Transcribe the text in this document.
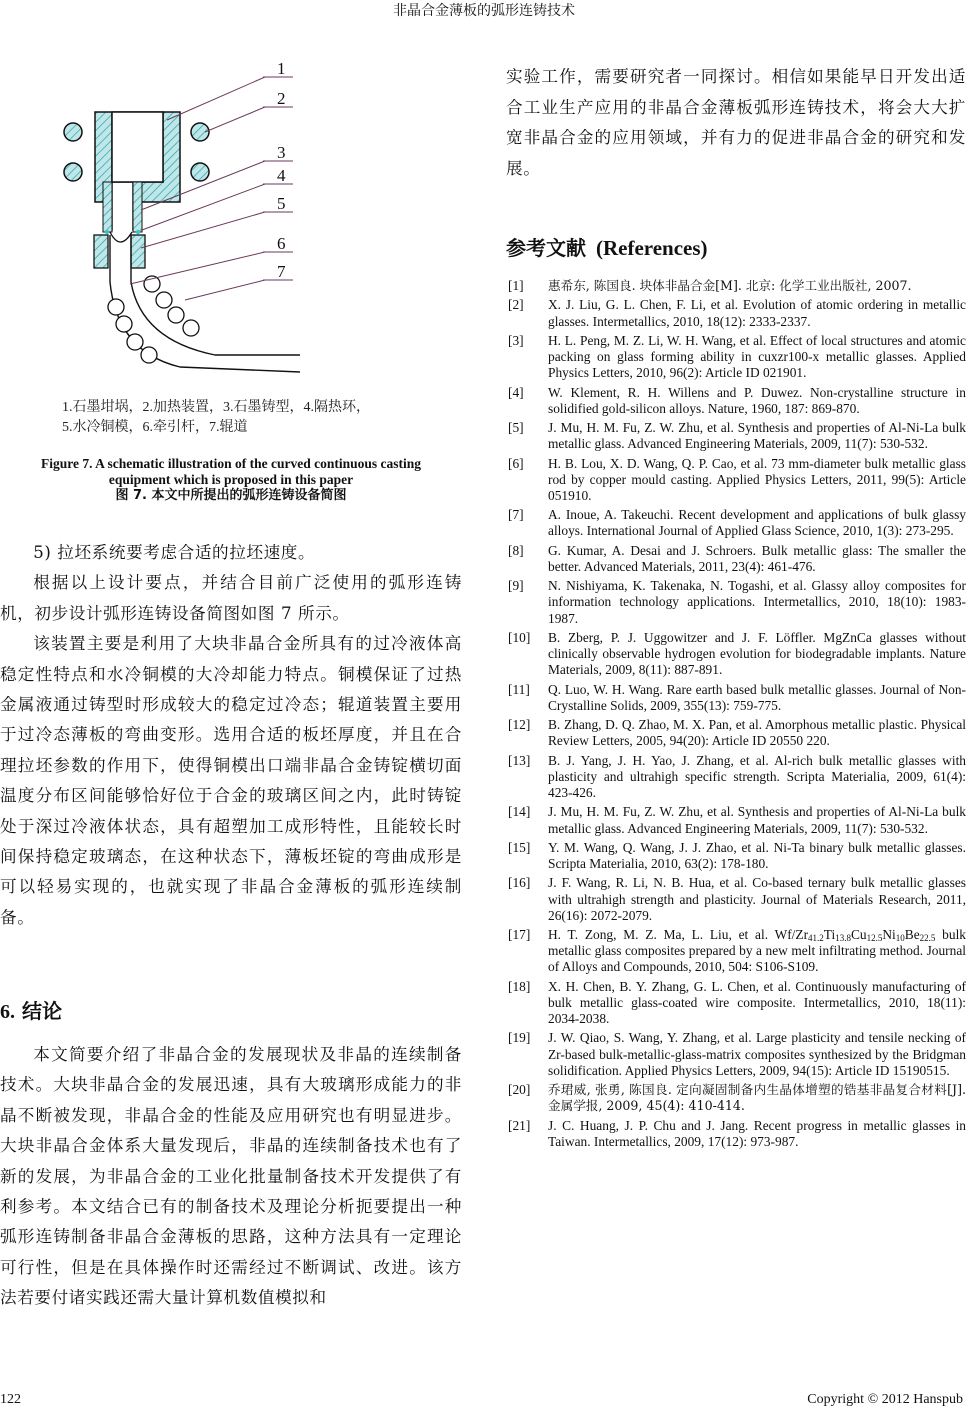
非晶合金薄板的弧形连铸技术
1
2
3
4
5
6
7
1.石墨坩埚，2.加热装置，3.石墨铸型，4.隔热环，
5.水冷铜模，6.牵引杆，7.辊道
Figure 7. A schematic illustration of the curved continuous casting
equipment which is proposed in this paper
图 7. 本文中所提出的弧形连铸设备简图

5) 拉坯系统要考虑合适的拉坯速度。

根据以上设计要点，并结合目前广泛使用的弧形连铸机，初步设计弧形连铸设备简图如图 7 所示。

该装置主要是利用了大块非晶合金所具有的过冷液体高稳定性特点和水冷铜模的大冷却能力特点。铜模保证了过热金属液通过铸型时形成较大的稳定过冷态；辊道装置主要用于过冷态薄板的弯曲变形。选用合适的板坯厚度，并且在合理拉坯参数的作用下，使得铜模出口端非晶合金铸锭横切面温度分布区间能够恰好位于合金的玻璃区间之内，此时铸锭处于深过冷液体状态，具有超塑加工成形特性，且能较长时间保持稳定玻璃态，在这种状态下，薄板坯锭的弯曲成形是可以轻易实现的，也就实现了非晶合金薄板的弧形连续制备。

6. 结论

本文简要介绍了非晶合金的发展现状及非晶的连续制备技术。大块非晶合金的发展迅速，具有大玻璃形成能力的非晶不断被发现，非晶合金的性能及应用研究也有明显进步。大块非晶合金体系大量发现后，非晶的连续制备技术也有了新的发展，为非晶合金的工业化批量制备技术开发提供了有利参考。本文结合已有的制备技术及理论分析扼要提出一种弧形连铸制备非晶合金薄板的思路，这种方法具有一定理论可行性，但是在具体操作时还需经过不断调试、改进。该方法若要付诸实践还需大量计算机数值模拟和

实验工作，需要研究者一同探讨。相信如果能早日开发出适合工业生产应用的非晶合金薄板弧形连铸技术，将会大大扩宽非晶合金的应用领域，并有力的促进非晶合金的研究和发展。

参考文献 (References)
[1]	惠希东, 陈国良. 块体非晶合金[M]. 北京: 化学工业出版社, 2007.
[2]	X. J. Liu, G. L. Chen, F. Li, et al. Evolution of atomic ordering in metallic glasses. Intermetallics, 2010, 18(12): 2333-2337.
[3]	H. L. Peng, M. Z. Li, W. H. Wang, et al. Effect of local structures and atomic packing on glass forming ability in cuxzr100-x metallic glasses. Applied Physics Letters, 2010, 96(2): Article ID 021901.
[4]	W. Klement, R. H. Willens and P. Duwez. Non-crystalline structure in solidified gold-silicon alloys. Nature, 1960, 187: 869-870.
[5]	J. Mu, H. M. Fu, Z. W. Zhu, et al. Synthesis and properties of Al-Ni-La bulk metallic glass. Advanced Engineering Materials, 2009, 11(7): 530-532.
[6]	H. B. Lou, X. D. Wang, Q. P. Cao, et al. 73 mm-diameter bulk metallic glass rod by copper mould casting. Applied Physics Letters, 2011, 99(5): Article 051910.
[7]	A. Inoue, A. Takeuchi. Recent development and applications of bulk glassy alloys. International Journal of Applied Glass Science, 2010, 1(3): 273-295.
[8]	G. Kumar, A. Desai and J. Schroers. Bulk metallic glass: The smaller the better. Advanced Materials, 2011, 23(4): 461-476.
[9]	N. Nishiyama, K. Takenaka, N. Togashi, et al. Glassy alloy composites for information technology applications. Intermetallics, 2010, 18(10): 1983-1987.
[10]	B. Zberg, P. J. Uggowitzer and J. F. Löffler. MgZnCa glasses without clinically observable hydrogen evolution for biodegradable implants. Nature Materials, 2009, 8(11): 887-891.
[11]	Q. Luo, W. H. Wang. Rare earth based bulk metallic glasses. Journal of Non-Crystalline Solids, 2009, 355(13): 759-775.
[12]	B. Zhang, D. Q. Zhao, M. X. Pan, et al. Amorphous metallic plastic. Physical Review Letters, 2005, 94(20): Article ID 20550 220.
[13]	B. J. Yang, J. H. Yao, J. Zhang, et al. Al-rich bulk metallic glasses with plasticity and ultrahigh specific strength. Scripta Materialia, 2009, 61(4): 423-426.
[14]	J. Mu, H. M. Fu, Z. W. Zhu, et al. Synthesis and properties of Al-Ni-La bulk metallic glass. Advanced Engineering Materials, 2009, 11(7): 530-532.
[15]	Y. M. Wang, Q. Wang, J. J. Zhao, et al. Ni-Ta binary bulk metallic glasses. Scripta Materialia, 2010, 63(2): 178-180.
[16]	J. F. Wang, R. Li, N. B. Hua, et al. Co-based ternary bulk metallic glasses with ultrahigh strength and plasticity. Journal of Materials Research, 2011, 26(16): 2072-2079.
[17]	H. T. Zong, M. Z. Ma, L. Liu, et al. $Wf/Zr_{41.2}Ti_{13.8}Cu_{12.5}Ni_{10}Be_{22.5}$ bulk metallic glass composites prepared by a new melt infiltrating method. Journal of Alloys and Compounds, 2010, 504: S106-S109.
[18]	X. H. Chen, B. Y. Zhang, G. L. Chen, et al. Continuously manufacturing of bulk metallic glass-coated wire composite. Intermetallics, 2010, 18(11): 2034-2038.
[19]	J. W. Qiao, S. Wang, Y. Zhang, et al. Large plasticity and tensile necking of Zr-based bulk-metallic-glass-matrix composites synthesized by the Bridgman solidification. Applied Physics Letters, 2009, 94(15): Article ID 15190515.
[20]	乔珺威, 张勇, 陈国良. 定向凝固制备内生晶体增塑的锆基非晶复合材料[J]. 金属学报, 2009, 45(4): 410-414.
[21]	J. C. Huang, J. P. Chu and J. Jang. Recent progress in metallic glasses in Taiwan. Intermetallics, 2009, 17(12): 973-987.
122	Copyright © 2012 Hanspub
